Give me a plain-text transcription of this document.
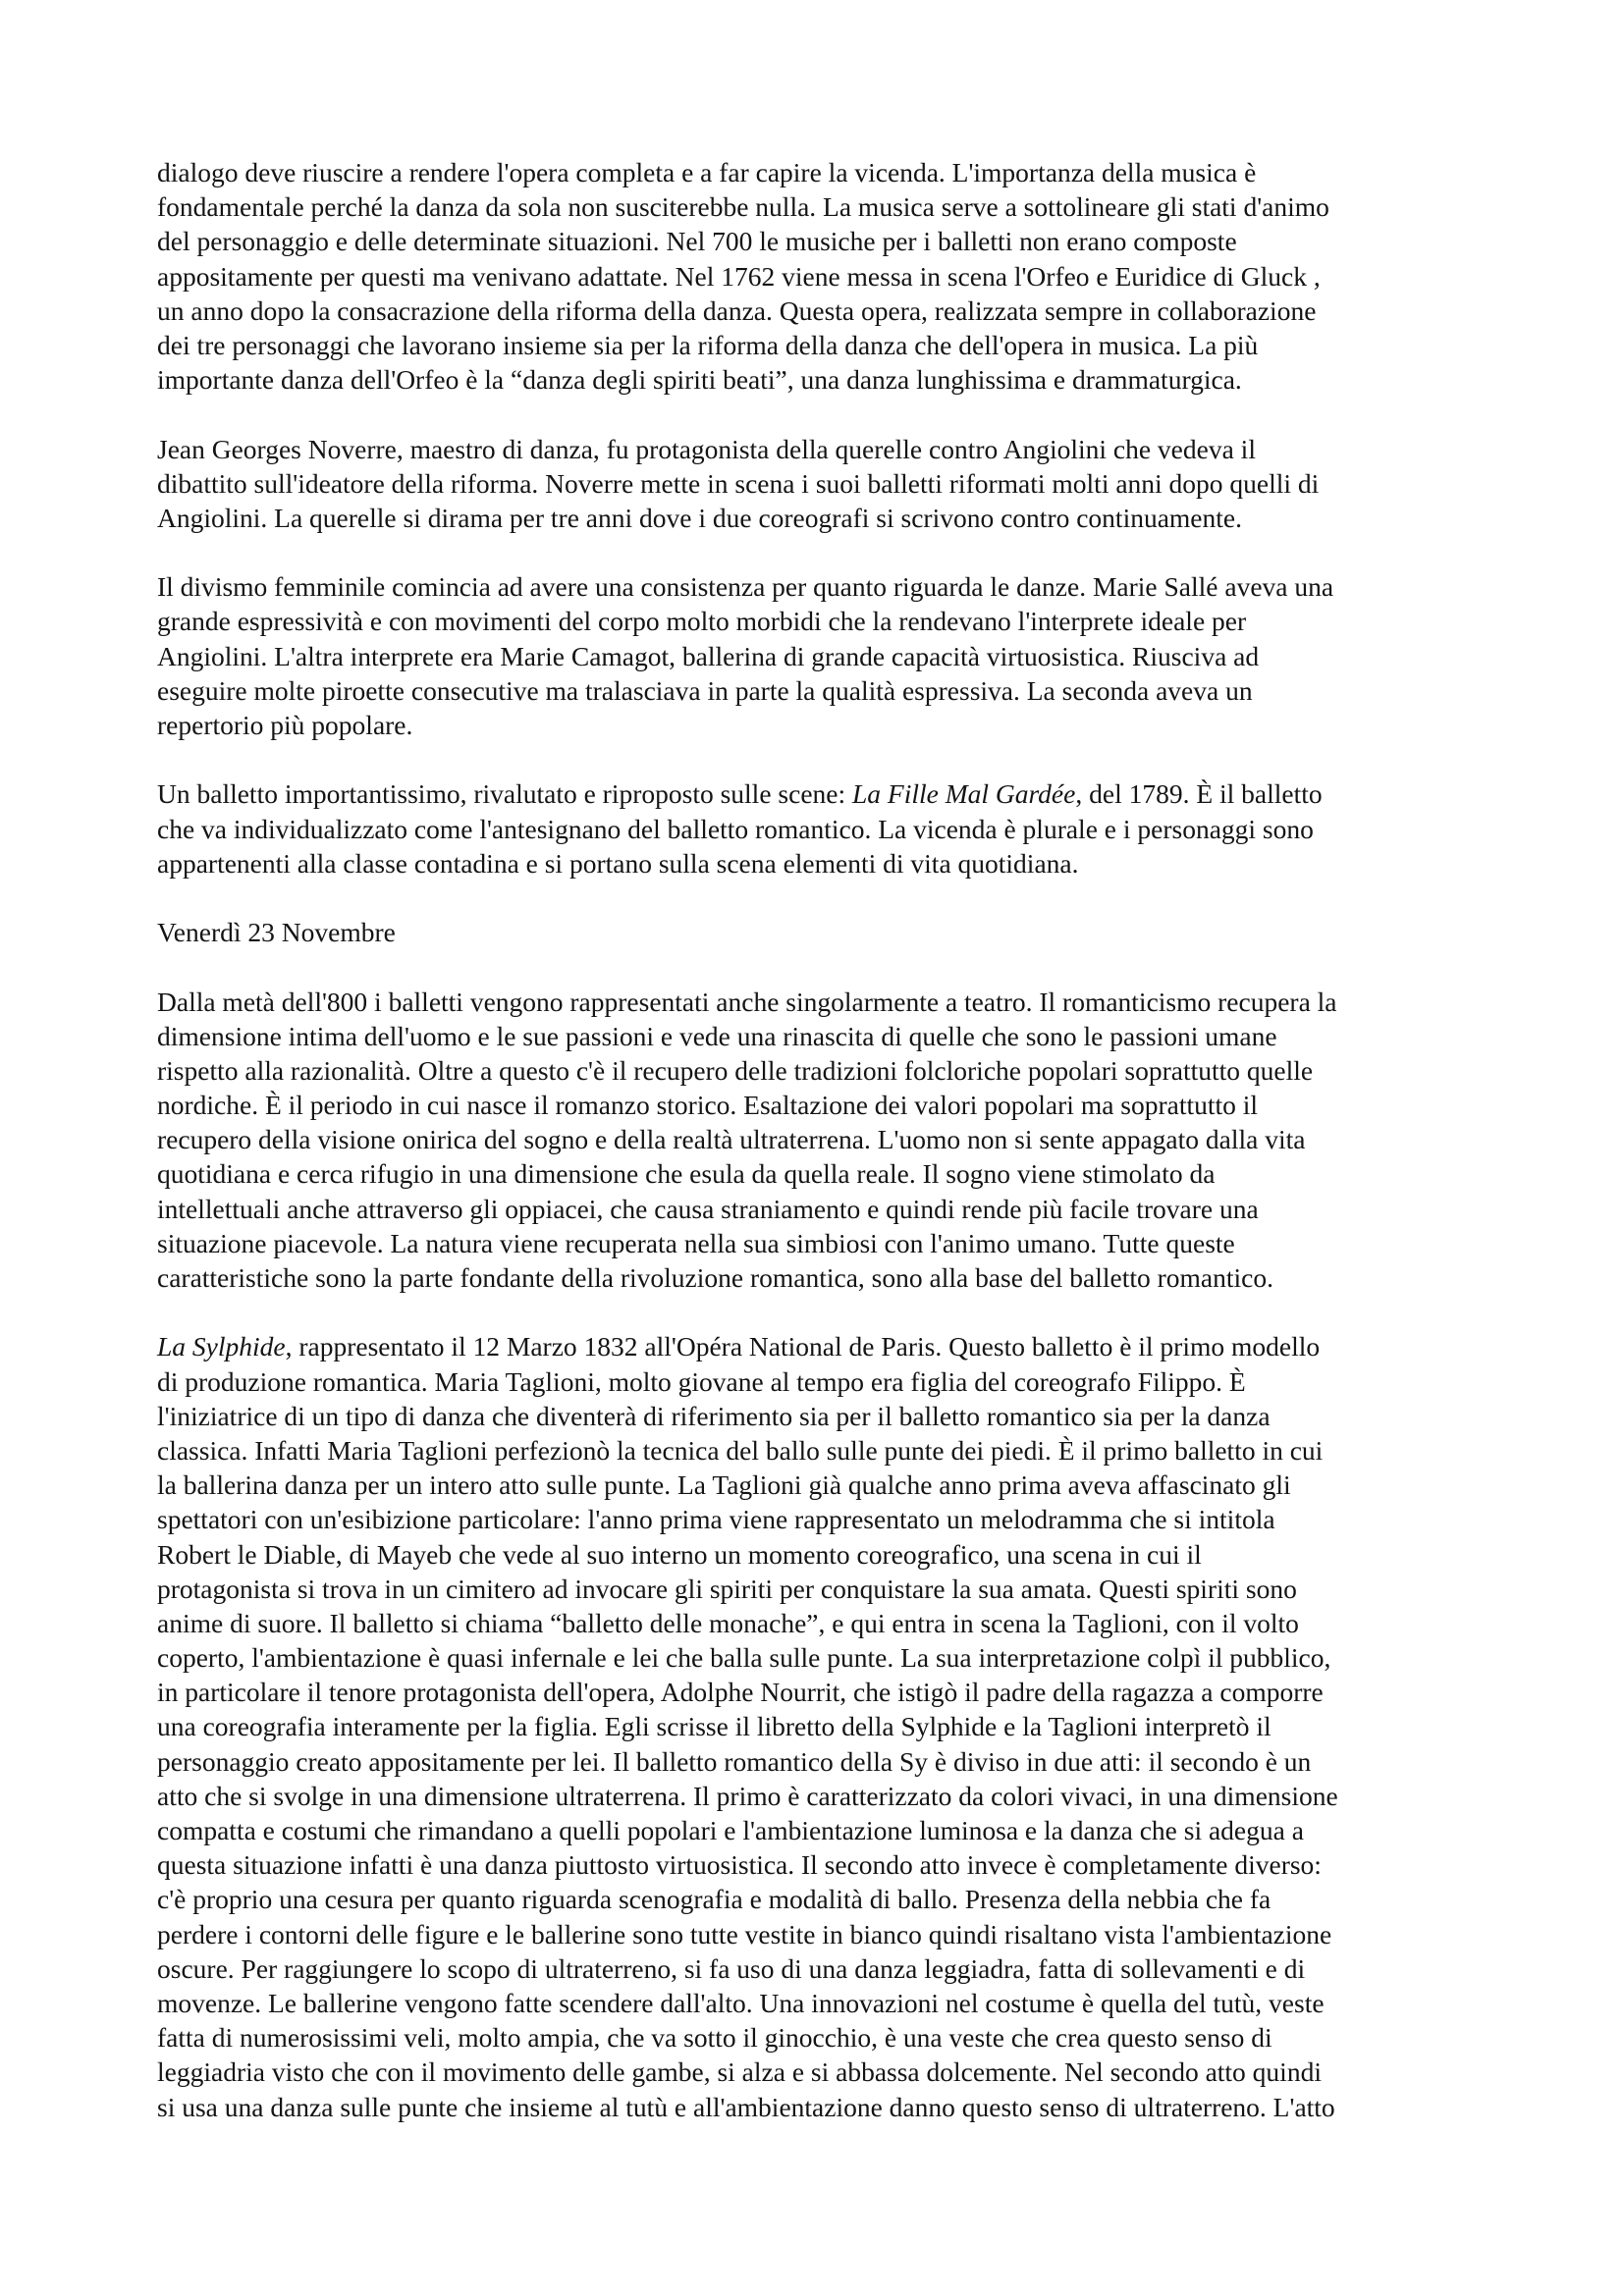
dialogo deve riuscire a rendere l'opera completa e a far capire la vicenda. L'importanza della musica è
fondamentale perché la danza da sola non susciterebbe nulla. La musica serve a sottolineare gli stati d'animo
del personaggio e delle determinate situazioni. Nel 700 le musiche per i balletti non erano composte
appositamente per questi ma venivano adattate. Nel 1762 viene messa in scena l'Orfeo e Euridice di Gluck ,
un anno dopo la consacrazione della riforma della danza. Questa opera, realizzata sempre in collaborazione
dei tre personaggi che lavorano insieme sia per la riforma della danza che dell'opera in musica. La più
importante danza dell'Orfeo è la “danza degli spiriti beati”, una danza lunghissima e drammaturgica.
Jean Georges Noverre, maestro di danza, fu protagonista della querelle contro Angiolini che vedeva il
dibattito sull'ideatore della riforma. Noverre mette in scena i suoi balletti riformati molti anni dopo quelli di
Angiolini. La querelle si dirama per tre anni dove i due coreografi si scrivono contro continuamente.
Il divismo femminile comincia ad avere una consistenza per quanto riguarda le danze. Marie Sallé aveva una
grande espressività e con movimenti del corpo molto morbidi che la rendevano l'interprete ideale per
Angiolini. L'altra interprete era Marie Camagot, ballerina di grande capacità virtuosistica. Riusciva ad
eseguire molte piroette consecutive ma tralasciava in parte la qualità espressiva. La seconda aveva un
repertorio più popolare.
Un balletto importantissimo, rivalutato e riproposto sulle scene: La Fille Mal Gardée, del 1789. È il balletto
che va individualizzato come l'antesignano del balletto romantico. La vicenda è plurale e i personaggi sono
appartenenti alla classe contadina e si portano sulla scena elementi di vita quotidiana.
Venerdì 23 Novembre
Dalla metà dell'800 i balletti vengono rappresentati anche singolarmente a teatro. Il romanticismo recupera la
dimensione intima dell'uomo e le sue passioni e vede una rinascita di quelle che sono le passioni umane
rispetto alla razionalità. Oltre a questo c'è il recupero delle tradizioni folcloriche popolari soprattutto quelle
nordiche. È il periodo in cui nasce il romanzo storico. Esaltazione dei valori popolari ma soprattutto il
recupero della visione onirica del sogno e della realtà ultraterrena. L'uomo non si sente appagato dalla vita
quotidiana e cerca rifugio in una dimensione che esula da quella reale. Il sogno viene stimolato da
intellettuali anche attraverso gli oppiacei, che causa straniamento e quindi rende più facile trovare una
situazione piacevole. La natura viene recuperata nella sua simbiosi con l'animo umano. Tutte queste
caratteristiche sono la parte fondante della rivoluzione romantica, sono alla base del balletto romantico.
La Sylphide, rappresentato il 12 Marzo 1832 all'Opéra National de Paris. Questo balletto è il primo modello
di produzione romantica. Maria Taglioni, molto giovane al tempo era figlia del coreografo Filippo. È
l'iniziatrice di un tipo di danza che diventerà di riferimento sia per il balletto romantico sia per la danza
classica. Infatti Maria Taglioni perfezionò la tecnica del ballo sulle punte dei piedi. È il primo balletto in cui
la ballerina danza per un intero atto sulle punte. La Taglioni già qualche anno prima aveva affascinato gli
spettatori con un'esibizione particolare: l'anno prima viene rappresentato un melodramma che si intitola
Robert le Diable, di Mayeb che vede al suo interno un momento coreografico, una scena in cui il
protagonista si trova in un cimitero ad invocare gli spiriti per conquistare la sua amata. Questi spiriti sono
anime di suore. Il balletto si chiama “balletto delle monache”, e qui entra in scena la Taglioni, con il volto
coperto, l'ambientazione è quasi infernale e lei che balla sulle punte. La sua interpretazione colpì il pubblico,
in particolare il tenore protagonista dell'opera, Adolphe Nourrit, che istigò il padre della ragazza a comporre
una coreografia interamente per la figlia. Egli scrisse il libretto della Sylphide e la Taglioni interpretò il
personaggio creato appositamente per lei. Il balletto romantico della Sy è diviso in due atti: il secondo è un
atto che si svolge in una dimensione ultraterrena. Il primo è caratterizzato da colori vivaci, in una dimensione
compatta e costumi che rimandano a quelli popolari e l'ambientazione luminosa e la danza che si adegua a
questa situazione infatti è una danza piuttosto virtuosistica. Il secondo atto invece è completamente diverso:
c'è proprio una cesura per quanto riguarda scenografia e modalità di ballo. Presenza della nebbia che fa
perdere i contorni delle figure e le ballerine sono tutte vestite in bianco quindi risaltano vista l'ambientazione
oscure. Per raggiungere lo scopo di ultraterreno, si fa uso di una danza leggiadra, fatta di sollevamenti e di
movenze. Le ballerine vengono fatte scendere dall'alto. Una innovazioni nel costume è quella del tutù, veste
fatta di numerosissimi veli, molto ampia, che va sotto il ginocchio, è una veste che crea questo senso di
leggiadria visto che con il movimento delle gambe, si alza e si abbassa dolcemente. Nel secondo atto quindi
si usa una danza sulle punte che insieme al tutù e all'ambientazione danno questo senso di ultraterreno. L'atto
